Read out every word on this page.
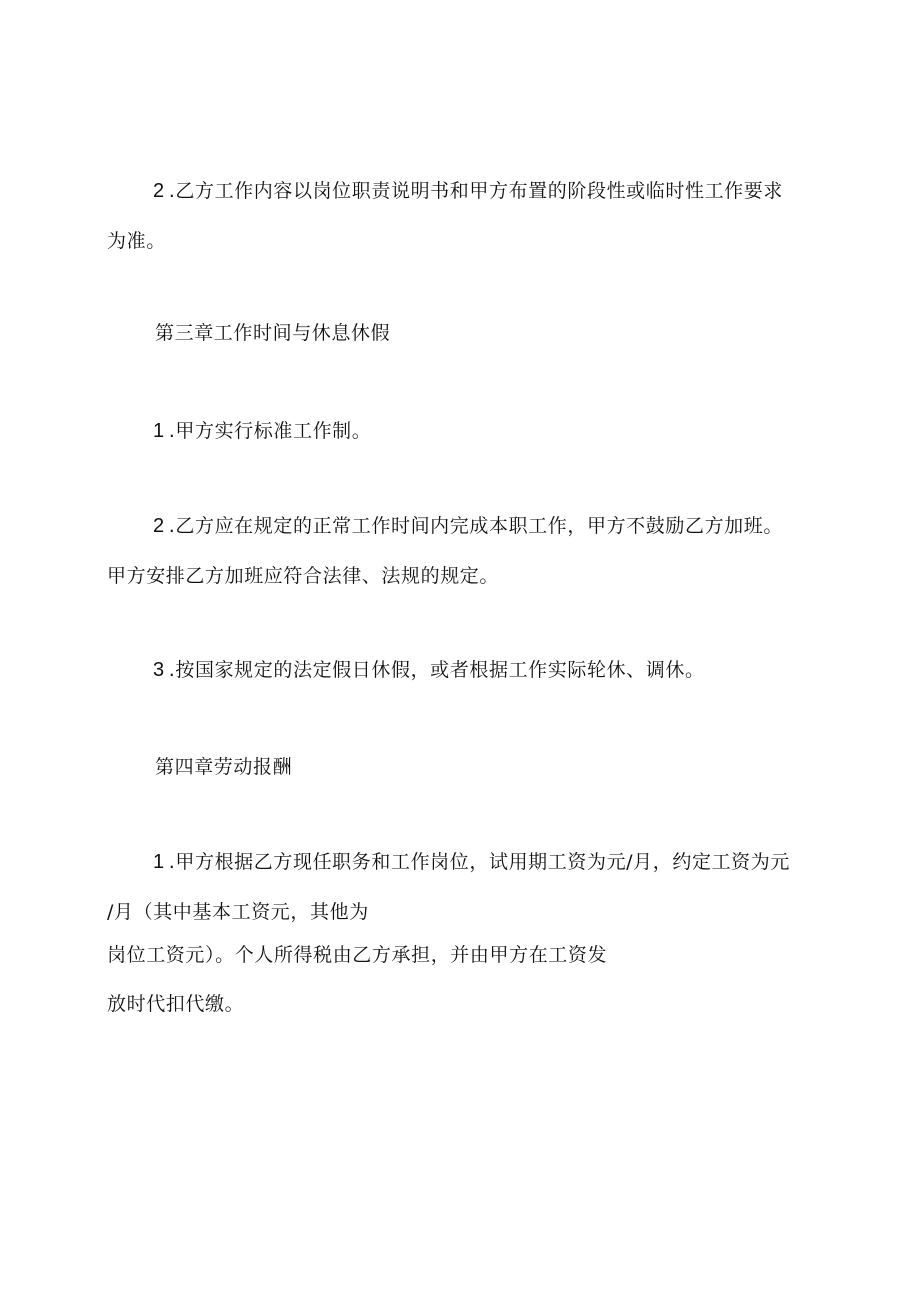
2 .乙方工作内容以岗位职责说明书和甲方布置的阶段性或临时性工作要求
为准。
第三章工作时间与休息休假
1 .甲方实行标准工作制。
2 .乙方应在规定的正常工作时间内完成本职工作，甲方不鼓励乙方加班。
甲方安排乙方加班应符合法律、法规的规定。
3 .按国家规定的法定假日休假，或者根据工作实际轮休、调休。
第四章劳动报酬
1 .甲方根据乙方现任职务和工作岗位，试用期工资为元/月，约定工资为元
/月（其中基本工资元，其他为
岗位工资元）。个人所得税由乙方承担，并由甲方在工资发
放时代扣代缴。
